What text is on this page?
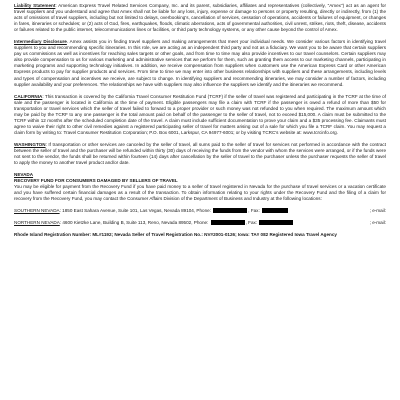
Liability Statement: American Express Travel Related Services Company, Inc. and its parent, subsidiaries, affiliates and representatives (collectively, "Amex") act as an agent for travel suppliers and you understand and agree that Amex shall not be liable for any loss, injury, expense or damage to persons or property resulting, directly or indirectly, from (1) the acts of omissions of travel suppliers, including but not limited to delays, overbooking's, cancellation of services, cessation of operations, accidents or failures of equipment, or changes in fares, itineraries or schedules; or (2) acts of God, fires, earthquakes, floods, climatic aberrations, acts of governmental authorities, civil unrest, strikes, riots, theft, disease, accidents or failures related to the public internet, telecommunications lines or facilities, or third party technology systems, or any other cause beyond the control of Amex.

Intermediary Disclosure. Amex assists you in finding travel suppliers and making arrangements that meet your individual needs. We consider various factors in identifying travel suppliers to you and recommending specific itineraries. In this role, we are acting as an independent third party and not as a fiduciary. We want you to be aware that certain suppliers pay us commissions as well as incentives for reaching sales targets or other goals, and from time to time may also provide incentives to our travel counselors. Certain suppliers may also provide compensation to us for various marketing and administrative services that we perform for them, such as granting them access to our marketing channels, participating in marketing programs and supporting technology initiatives. In addition, we receive compensation from suppliers when customers use the American Express Card or other American Express products to pay for supplier products and services. From time to time we may enter into other business relationships with suppliers and these arrangements, including levels and types of compensation and incentives we receive, are subject to change. In identifying suppliers and recommending itineraries, we may consider a number of factors, including supplier availability and your preferences. The relationships we have with suppliers may also influence the suppliers we identify and the itineraries we recommend.

CALIFORNIA: This transaction is covered by the California Travel Consumer Restitution Fund (TCRF) if the seller of travel was registered and participating in the TCRF at the time of sale and the passenger is located in California at the time of payment. Eligible passengers may file a claim with TCRF if the passenger is owed a refund of more than $50 for transportation or travel services which the seller of travel failed to forward to a proper provider or such money was not refunded to you when required. The maximum amount which may be paid by the TCRF to any one passenger is the total amount paid on behalf of the passenger to the seller of travel, not to exceed $15,000. A claim must be submitted to the TCRF within 12 months after the scheduled completion date of the travel. A claim must include sufficient documentation to prove your claim and a $35 processing fee. Claimants must agree to waive their right to other civil remedies against a registered participating seller of travel for matters arising out of a sale for which you file a TCRF claim. You may request a claim form by writing to: Travel Consumer Restitution Corporation; P.O. Box 6001, Larkspur, CA 94977-6001; or by visiting TCRC's website at: www.tcrcinfo.org.

WASHINGTON: If transportation or other services are canceled by the seller of travel, all sums paid to the seller of travel for services not performed in accordance with the contract between the seller of travel and the purchaser will be refunded within thirty (30) days of receiving the funds from the vendor with whom the services were arranged, or if the funds were not sent to the vendor, the funds shall be returned within fourteen (14) days after cancellation by the seller of travel to the purchaser unless the purchaser requests the seller of travel to apply the money to another travel product and/or date.

NEVADA
RECOVERY FUND FOR CONSUMERS DAMAGED BY SELLERS OF TRAVEL
You may be eligible for payment from the Recovery Fund if you have paid money to a seller of travel registered in Nevada for the purchase of travel services or a vacation certificate and you have suffered certain financial damages as a result of the transaction. To obtain information relating to your rights under the Recovery Fund and the filing of a claim for recovery from the Recovery Fund, you may contact the Consumer Affairs Division of the Department of Business and Industry at the following locations:
SOUTHERN NEVADA: 1850 East Sahara Avenue, Suite 101, Las Vegas, Nevada 89104, Phone:	, Fax:	; e-mail:
NORTHERN NEVADA: 4600 Kietzke Lane, Building B, Suite 113, Reno, Nevada 89502, Phone:	, Fax:	; e-mail:

Rhode Island Registration Number: ML#1192; Nevada Seller of Travel Registration No.: NV#2001-0126; Iowa: TA# 082 Registered Iowa Travel Agency
